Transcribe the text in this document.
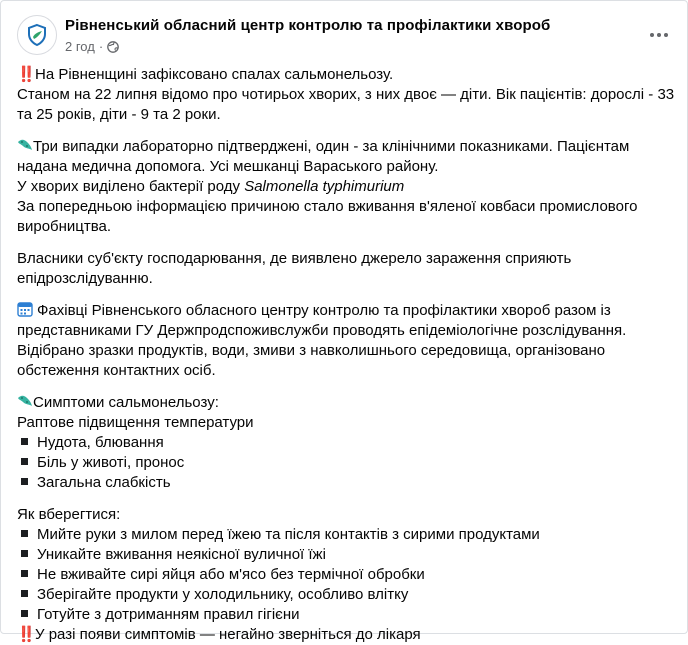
Рівненський обласний центр контролю та профілактики хвороб
2 год ·
‼️На Рівненщині зафіксовано спалах сальмонельозу.
Станом на 22 липня відомо про чотирьох хворих, з них двоє — діти. Вік пацієнтів: дорослі - 33
та 25 років, діти - 9 та 2 роки.
Три випадки лабораторно підтверджені, один - за клінічними показниками. Пацієнтам
надана медична допомога. Усі мешканці Вараського району.
У хворих виділено бактерії роду Salmonella typhimurium
За попередньою інформацією причиною стало вживання в'яленої ковбаси промислового
виробництва.
Власники суб'єкту господарювання, де виявлено джерело зараження сприяють
епідрозслідуванню.
Фахівці Рівненського обласного центру контролю та профілактики хвороб разом із
представниками ГУ Держпродспоживслужби проводять епідеміологічне розслідування.
Відібрано зразки продуктів, води, змиви з навколишнього середовища, організовано
обстеження контактних осіб.
Симптоми сальмонельозу:
Раптове підвищення температури
Нудота, блювання
Біль у животі, пронос
Загальна слабкість
Як вберегтися:
Мийте руки з милом перед їжею та після контактів з сирими продуктами
Уникайте вживання неякісної вуличної їжі
Не вживайте сирі яйця або м'ясо без термічної обробки
Зберігайте продукти у холодильнику, особливо влітку
Готуйте з дотриманням правил гігієни
‼️У разі появи симптомів — негайно зверніться до лікаря
